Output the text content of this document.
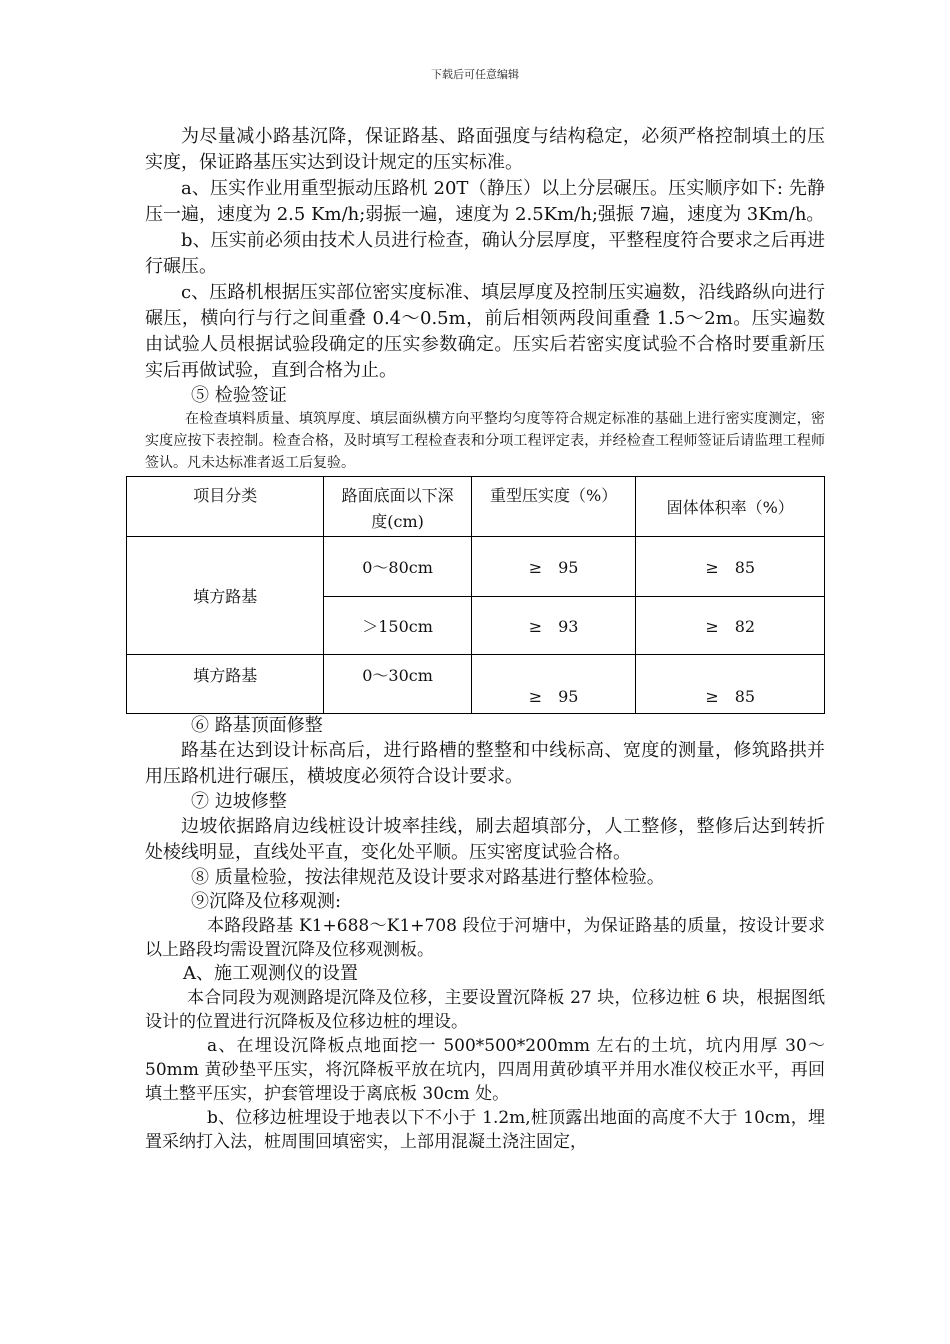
下载后可任意编辑

为尽量减小路基沉降，保证路基、路面强度与结构稳定，必须严格控制填土的压实度，保证路基压实达到设计规定的压实标准。

a、压实作业用重型振动压路机 20T（静压）以上分层碾压。压实顺序如下: 先静压一遍，速度为 2.5 Km/h;弱振一遍，速度为 2.5Km/h;强振 7遍，速度为 3Km/h。

b、压实前必须由技术人员进行检查，确认分层厚度，平整程度符合要求之后再进行碾压。

c、压路机根据压实部位密实度标准、填层厚度及控制压实遍数，沿线路纵向进行碾压，横向行与行之间重叠 0.4～0.5m，前后相领两段间重叠 1.5～2m。压实遍数由试验人员根据试验段确定的压实参数确定。压实后若密实度试验不合格时要重新压实后再做试验，直到合格为止。

⑤ 检验签证

在检查填料质量、填筑厚度、填层面纵横方向平整均匀度等符合规定标准的基础上进行密实度测定，密实度应按下表控制。检查合格，及时填写工程检查表和分项工程评定表，并经检查工程师签证后请监理工程师签认。凡未达标准者返工后复验。

项目分类	路面底面以下深度(cm)	重型压实度（%）	固体体积率（%）
填方路基	0～80cm	≥　95	≥　85
	＞150cm	≥　93	≥　82
填方路基	0～30cm	≥　95	≥　85

⑥ 路基顶面修整

路基在达到设计标高后，进行路槽的整整和中线标高、宽度的测量，修筑路拱并用压路机进行碾压，横坡度必须符合设计要求。

⑦ 边坡修整

边坡依据路肩边线桩设计坡率挂线，刷去超填部分，人工整修，整修后达到转折处棱线明显，直线处平直，变化处平顺。压实密度试验合格。

⑧ 质量检验，按法律规范及设计要求对路基进行整体检验。

⑨沉降及位移观测:

本路段路基 K1+688～K1+708 段位于河塘中，为保证路基的质量，按设计要求以上路段均需设置沉降及位移观测板。

A、施工观测仪的设置

本合同段为观测路堤沉降及位移，主要设置沉降板 27 块，位移边桩 6 块，根据图纸设计的位置进行沉降板及位移边桩的埋设。

a、在埋设沉降板点地面挖一 500*500*200mm 左右的土坑，坑内用厚 30～50mm 黄砂垫平压实，将沉降板平放在坑内，四周用黄砂填平并用水准仪校正水平，再回填土整平压实，护套管埋设于离底板 30cm 处。

b、位移边桩埋设于地表以下不小于 1.2m,桩顶露出地面的高度不大于 10cm，埋置采纳打入法，桩周围回填密实，上部用混凝土浇注固定，
